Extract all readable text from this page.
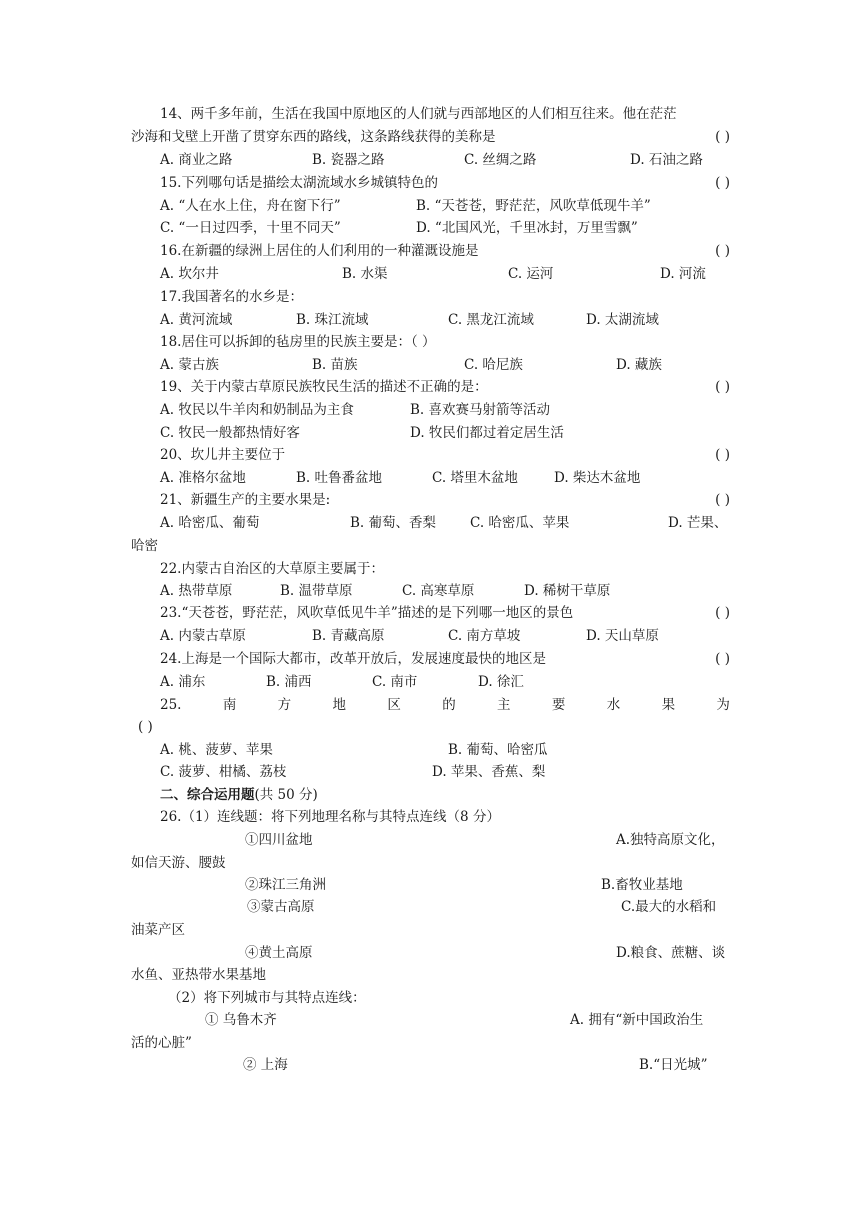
14、两千多年前，生活在我国中原地区的人们就与西部地区的人们相互往来。他在茫茫
沙海和戈壁上开凿了贯穿东西的路线，这条路线获得的美称是	( )
A. 商业之路	B. 瓷器之路	C. 丝绸之路	D. 石油之路
15.下列哪句话是描绘太湖流域水乡城镇特色的	( )
A. “人在水上住，舟在窗下行”	B. “天苍苍，野茫茫，风吹草低现牛羊”
C. “一日过四季，十里不同天”	D. “北国风光，千里冰封，万里雪飘”
16.在新疆的绿洲上居住的人们利用的一种灌溉设施是	( )
A. 坎尔井	B. 水渠	C. 运河	D. 河流
17.我国著名的水乡是：
A. 黄河流域	B. 珠江流域	C. 黑龙江流域	D. 太湖流域
18.居住可以拆卸的毡房里的民族主要是：（ ）
A. 蒙古族	B. 苗族	C. 哈尼族	D. 藏族
19、关于内蒙古草原民族牧民生活的描述不正确的是：	( )
A. 牧民以牛羊肉和奶制品为主食	B. 喜欢赛马射箭等活动
C. 牧民一般都热情好客	D. 牧民们都过着定居生活
20、坎儿井主要位于	( )
A. 准格尔盆地	B. 吐鲁番盆地	C. 塔里木盆地	D. 柴达木盆地
21、新疆生产的主要水果是:	( )
A. 哈密瓜、葡萄	B. 葡萄、香梨	C. 哈密瓜、苹果	D. 芒果、
哈密
22.内蒙古自治区的大草原主要属于：
A. 热带草原	B. 温带草原	C. 高寒草原	D. 稀树干草原
23.“天苍苍，野茫茫，风吹草低见牛羊”描述的是下列哪一地区的景色	( )
A. 内蒙古草原	B. 青藏高原	C. 南方草坡	D. 天山草原
24.上海是一个国际大都市，改革开放后，发展速度最快的地区是	( )
A. 浦东	B. 浦西	C. 南市	D. 徐汇
25.	南	方	地	区	的	主	要	水	果	为
( )
A. 桃、菠萝、苹果	B. 葡萄、哈密瓜
C. 菠萝、柑橘、荔枝	D. 苹果、香蕉、梨
二、综合运用题(共 50 分)
26.（1）连线题：将下列地理名称与其特点连线（8 分）
①四川盆地	A.独特高原文化，
如信天游、腰鼓
②珠江三角洲	B.畜牧业基地
③蒙古高原	C.最大的水稻和
油菜产区
④黄土高原	D.粮食、蔗糖、谈
水鱼、亚热带水果基地
（2）将下列城市与其特点连线：
① 乌鲁木齐	A. 拥有“新中国政治生
活的心脏”
② 上海	B.“日光城”
